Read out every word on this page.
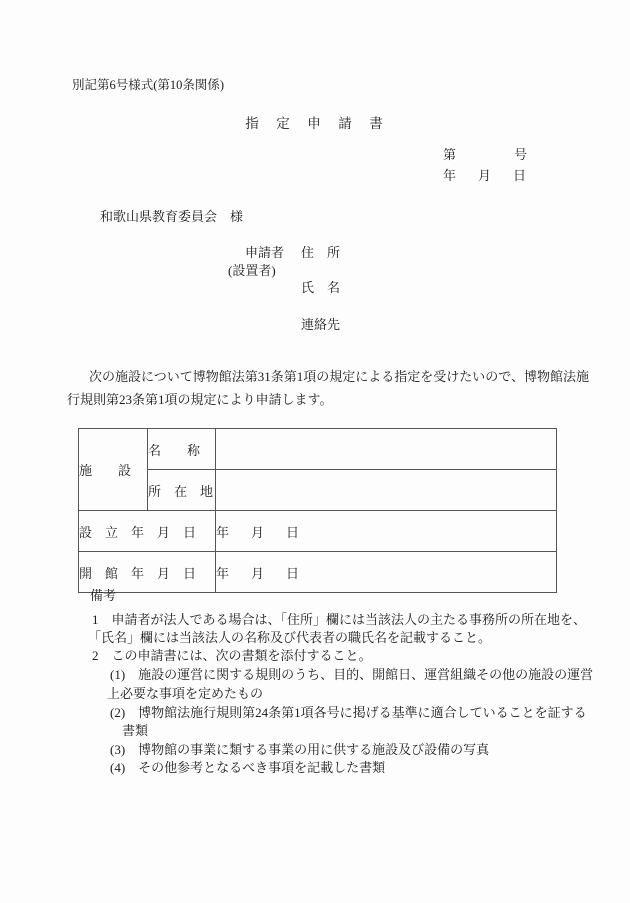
別記第6号様式(第10条関係)
指　定　申　請　書
第	号
年　月　日
和歌山県教育委員会　様
申請者
(設置者)
住　所
氏　名
連絡先
次の施設について博物館法第31条第1項の規定による指定を受けたいので、博物館法施
行規則第23条第1項の規定により申請します。
施　　設	名　　称	
	所　在　地	
設　立　年　月　日		年　月　日
開　館　年　月　日		年　月　日
備考
1　申請者が法人である場合は、「住所」欄には当該法人の主たる事務所の所在地を、
「氏名」欄には当該法人の名称及び代表者の職氏名を記載すること。
2　この申請書には、次の書類を添付すること。
(1)　施設の運営に関する規則のうち、目的、開館日、運営組織その他の施設の運営
上必要な事項を定めたもの
(2)　博物館法施行規則第24条第1項各号に掲げる基準に適合していることを証する
書類
(3)　博物館の事業に類する事業の用に供する施設及び設備の写真
(4)　その他参考となるべき事項を記載した書類
